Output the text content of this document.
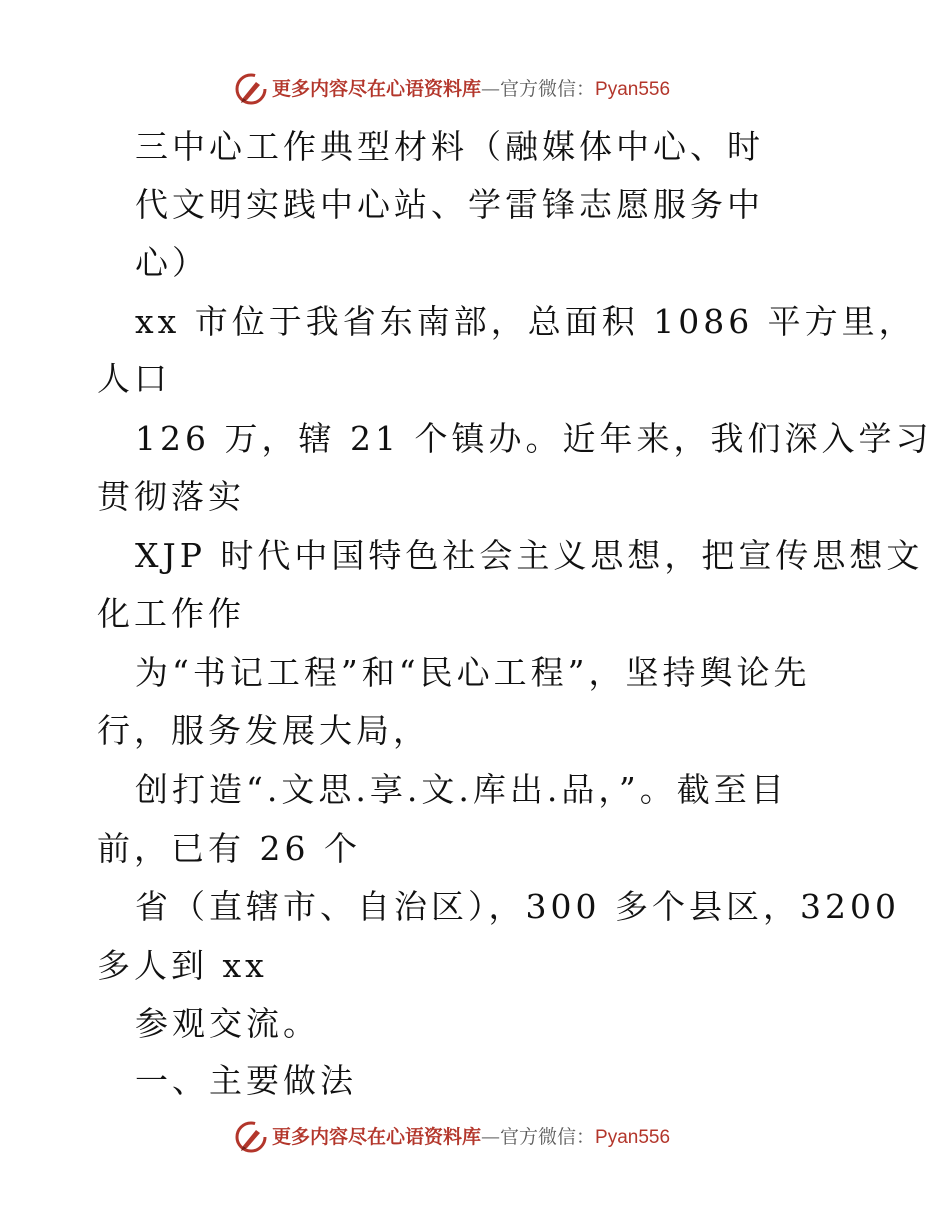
更多内容尽在心语资料库—官方微信：Pyan556
三中心工作典型材料（融媒体中心、时
代文明实践中心站、学雷锋志愿服务中
心）
xx 市位于我省东南部，总面积 1086 平方里，
人口
126 万，辖 21 个镇办。近年来，我们深入学习
贯彻落实
XJP 时代中国特色社会主义思想，把宣传思想文
化工作作
为“书记工程”和“民心工程”，坚持舆论先
行，服务发展大局，
创打造“.文思.享.文.库出.品，”。截至目
前，已有 26 个
省（直辖市、自治区），300 多个县区，3200
多人到 xx
参观交流。
一、主要做法
更多内容尽在心语资料库—官方微信：Pyan556
